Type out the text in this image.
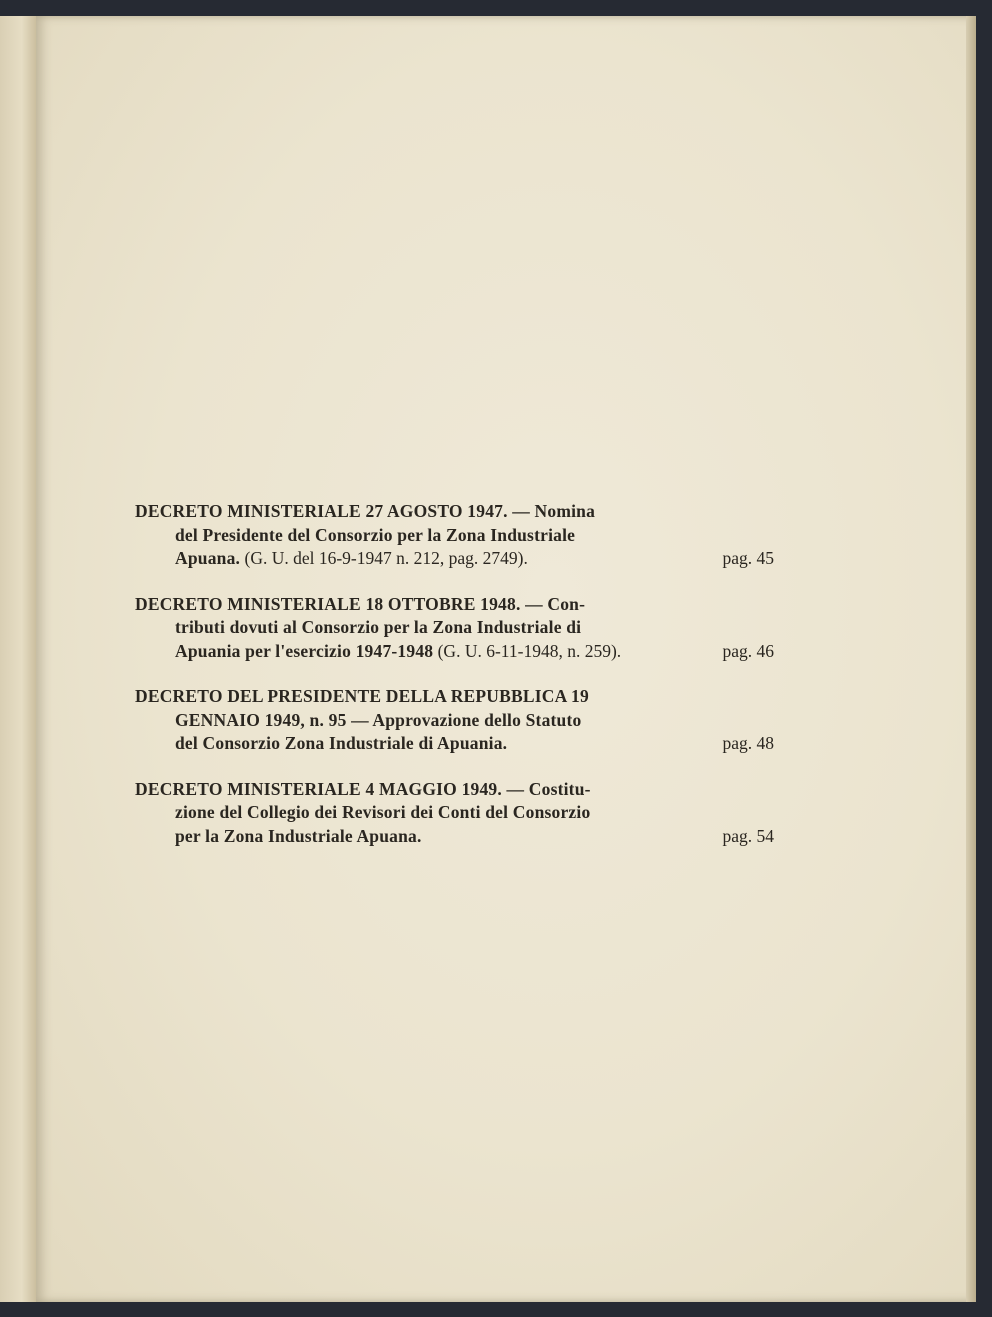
DECRETO MINISTERIALE 27 AGOSTO 1947. — Nomina
del Presidente del Consorzio per la Zona Industriale
Apuana. (G. U. del 16-9-1947 n. 212, pag. 2749).	pag. 45
DECRETO MINISTERIALE 18 OTTOBRE 1948. — Con-
tributi dovuti al Consorzio per la Zona Industriale di
Apuania per l'esercizio 1947-1948 (G. U. 6-11-1948, n. 259).	pag. 46
DECRETO DEL PRESIDENTE DELLA REPUBBLICA 19
GENNAIO 1949, n. 95 — Approvazione dello Statuto
del Consorzio Zona Industriale di Apuania.	pag. 48
DECRETO MINISTERIALE 4 MAGGIO 1949. — Costitu-
zione del Collegio dei Revisori dei Conti del Consorzio
per la Zona Industriale Apuana.	pag. 54
